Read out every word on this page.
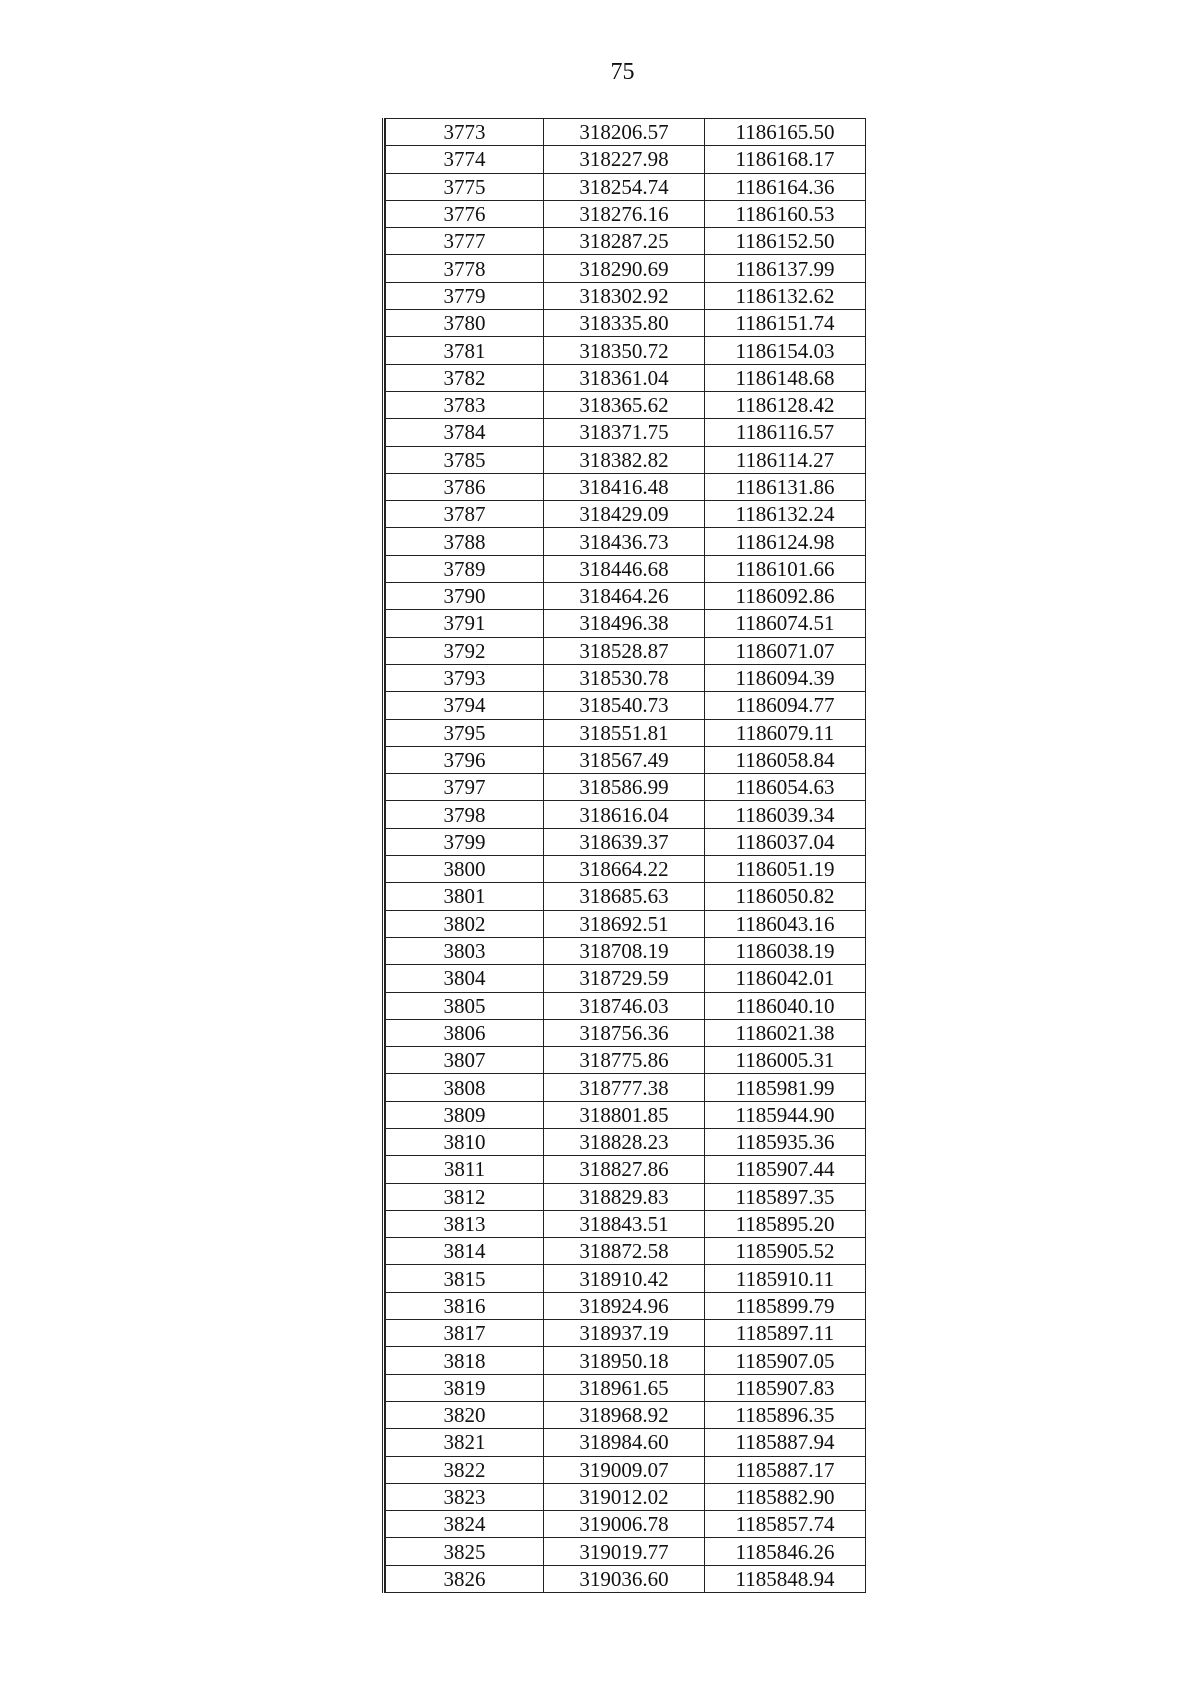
75
3773	318206.57	1186165.50
3774	318227.98	1186168.17
3775	318254.74	1186164.36
3776	318276.16	1186160.53
3777	318287.25	1186152.50
3778	318290.69	1186137.99
3779	318302.92	1186132.62
3780	318335.80	1186151.74
3781	318350.72	1186154.03
3782	318361.04	1186148.68
3783	318365.62	1186128.42
3784	318371.75	1186116.57
3785	318382.82	1186114.27
3786	318416.48	1186131.86
3787	318429.09	1186132.24
3788	318436.73	1186124.98
3789	318446.68	1186101.66
3790	318464.26	1186092.86
3791	318496.38	1186074.51
3792	318528.87	1186071.07
3793	318530.78	1186094.39
3794	318540.73	1186094.77
3795	318551.81	1186079.11
3796	318567.49	1186058.84
3797	318586.99	1186054.63
3798	318616.04	1186039.34
3799	318639.37	1186037.04
3800	318664.22	1186051.19
3801	318685.63	1186050.82
3802	318692.51	1186043.16
3803	318708.19	1186038.19
3804	318729.59	1186042.01
3805	318746.03	1186040.10
3806	318756.36	1186021.38
3807	318775.86	1186005.31
3808	318777.38	1185981.99
3809	318801.85	1185944.90
3810	318828.23	1185935.36
3811	318827.86	1185907.44
3812	318829.83	1185897.35
3813	318843.51	1185895.20
3814	318872.58	1185905.52
3815	318910.42	1185910.11
3816	318924.96	1185899.79
3817	318937.19	1185897.11
3818	318950.18	1185907.05
3819	318961.65	1185907.83
3820	318968.92	1185896.35
3821	318984.60	1185887.94
3822	319009.07	1185887.17
3823	319012.02	1185882.90
3824	319006.78	1185857.74
3825	319019.77	1185846.26
3826	319036.60	1185848.94
